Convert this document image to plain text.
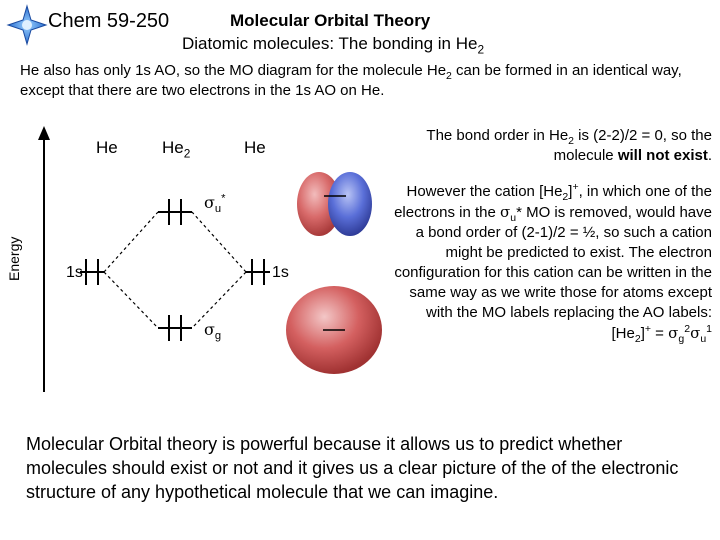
Chem 59-250	Molecular Orbital Theory
Diatomic molecules: The bonding in $He_2$
He also has only 1s AO, so the MO diagram for the molecule $He_2$ can be formed in an identical way, except that there are two electrons in the 1s AO on He.
Energy
He	$He_2$	He
1s	1s
$\sigma_u^*$
$\sigma_g$

The bond order in $He_2$ is (2-2)/2 = 0, so the molecule will not exist.

However the cation $[He_2]^+$, in which one of the electrons in the $\sigma_u*$ MO is removed, would have a bond order of (2-1)/2 = ½, so such a cation might be predicted to exist. The electron configuration for this cation can be written in the same way as we write those for atoms except with the MO labels replacing the AO labels:

$[He_2]^+ = \sigma_g^2\sigma_u^1$

Molecular Orbital theory is powerful because it allows us to predict whether molecules should exist or not and it gives us a clear picture of the of the electronic structure of any hypothetical molecule that we can imagine.
